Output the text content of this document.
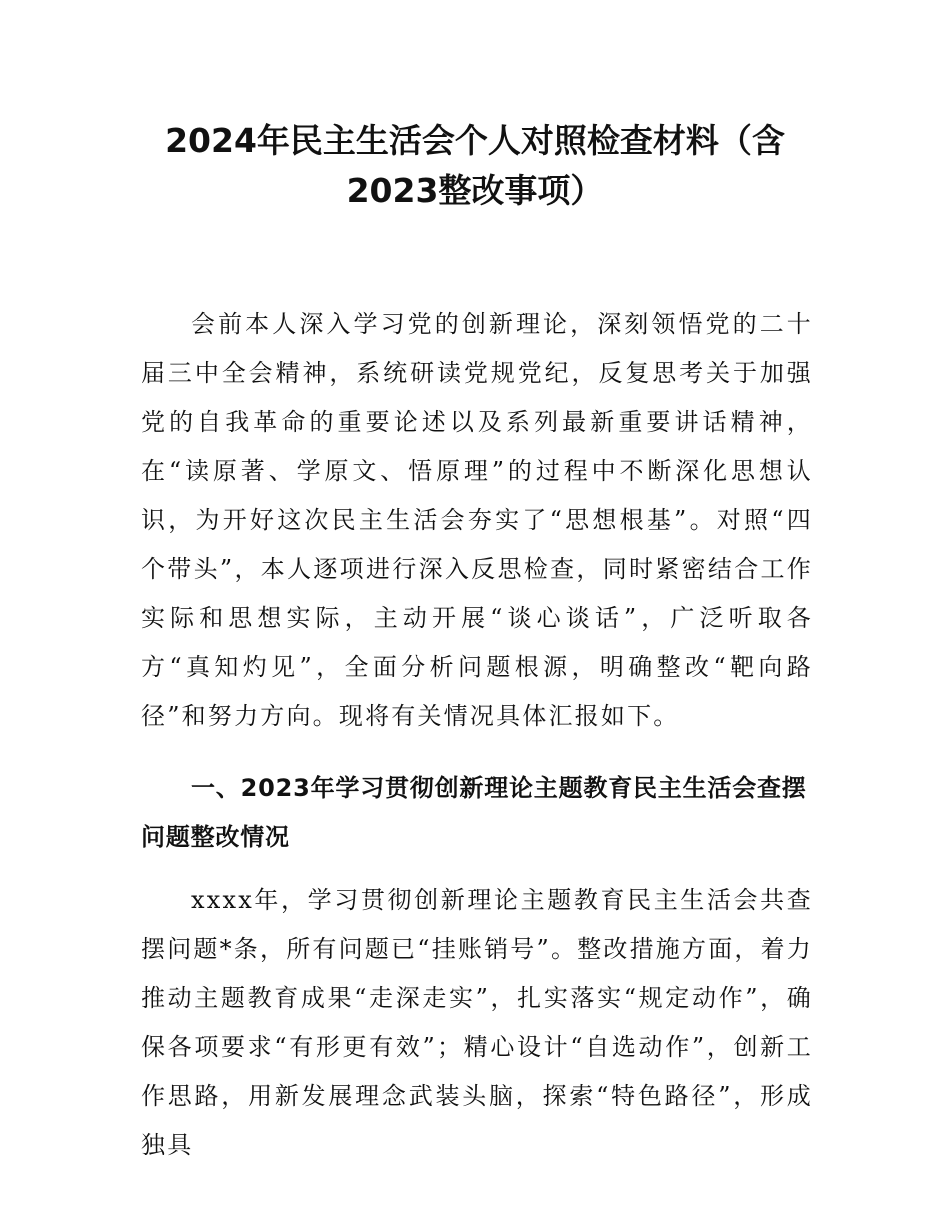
2024年民主生活会个人对照检查材料（含
2023整改事项）

会前本人深入学习党的创新理论，深刻领悟党的二十届三中全会精神，系统研读党规党纪，反复思考关于加强党的自我革命的重要论述以及系列最新重要讲话精神，在“读原著、学原文、悟原理”的过程中不断深化思想认识，为开好这次民主生活会夯实了“思想根基”。对照“四个带头”，本人逐项进行深入反思检查，同时紧密结合工作实际和思想实际，主动开展“谈心谈话”，广泛听取各方“真知灼见”，全面分析问题根源，明确整改“靶向路径”和努力方向。现将有关情况具体汇报如下。

一、2023年学习贯彻创新理论主题教育民主生活会查摆问题整改情况

xxxx年，学习贯彻创新理论主题教育民主生活会共查摆问题*条，所有问题已“挂账销号”。整改措施方面，着力推动主题教育成果“走深走实”，扎实落实“规定动作”，确保各项要求“有形更有效”；精心设计“自选动作”，创新工作思路，用新发展理念武装头脑，探索“特色路径”，形成独具
